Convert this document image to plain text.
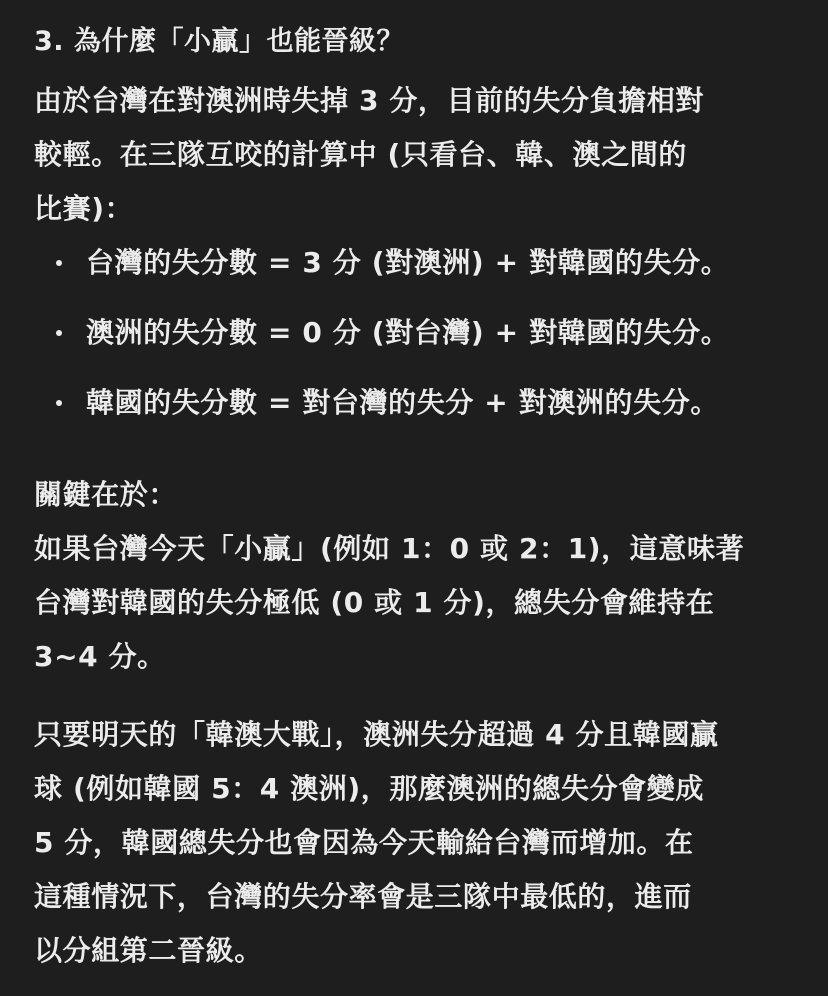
3. 為什麼「小贏」也能晉級？

由於台灣在對澳洲時失掉 3 分，目前的失分負擔相對

較輕。在三隊互咬的計算中 (只看台、韓、澳之間的

比賽)：

台灣的失分數 = 3 分 (對澳洲) + 對韓國的失分。
澳洲的失分數 = 0 分 (對台灣) + 對韓國的失分。
韓國的失分數 = 對台灣的失分 + 對澳洲的失分。

關鍵在於：

如果台灣今天「小贏」(例如 1：0 或 2：1)，這意味著

台灣對韓國的失分極低 (0 或 1 分)，總失分會維持在

3~4 分。

只要明天的「韓澳大戰」，澳洲失分超過 4 分且韓國贏

球 (例如韓國 5：4 澳洲)，那麼澳洲的總失分會變成

5 分，韓國總失分也會因為今天輸給台灣而增加。在

這種情況下，台灣的失分率會是三隊中最低的，進而

以分組第二晉級。
